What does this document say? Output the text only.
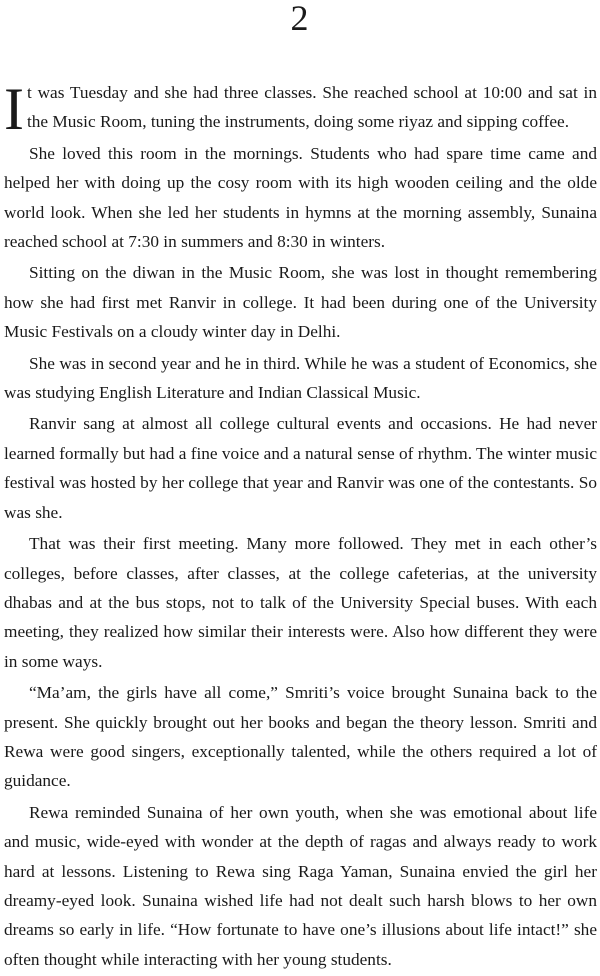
2

It was Tuesday and she had three classes. She reached school at 10:00 and sat in the Music Room, tuning the instruments, doing some riyaz and sipping coffee.

She loved this room in the mornings. Students who had spare time came and helped her with doing up the cosy room with its high wooden ceiling and the olde world look. When she led her students in hymns at the morning assembly, Sunaina reached school at 7:30 in summers and 8:30 in winters.

Sitting on the diwan in the Music Room, she was lost in thought remembering how she had first met Ranvir in college. It had been during one of the University Music Festivals on a cloudy winter day in Delhi.

She was in second year and he in third. While he was a student of Economics, she was studying English Literature and Indian Classical Music.

Ranvir sang at almost all college cultural events and occasions. He had never learned formally but had a fine voice and a natural sense of rhythm. The winter music festival was hosted by her college that year and Ranvir was one of the contestants. So was she.

That was their first meeting. Many more followed. They met in each other’s colleges, before classes, after classes, at the college cafeterias, at the university dhabas and at the bus stops, not to talk of the University Special buses. With each meeting, they realized how similar their interests were. Also how different they were in some ways.

“Ma’am, the girls have all come,” Smriti’s voice brought Sunaina back to the present. She quickly brought out her books and began the theory lesson. Smriti and Rewa were good singers, exceptionally talented, while the others required a lot of guidance.

Rewa reminded Sunaina of her own youth, when she was emotional about life and music, wide-eyed with wonder at the depth of ragas and always ready to work hard at lessons. Listening to Rewa sing Raga Yaman, Sunaina envied the girl her dreamy-eyed look. Sunaina wished life had not dealt such harsh blows to her own dreams so early in life. “How fortunate to have one’s illusions about life intact!” she often thought while interacting with her young students.
